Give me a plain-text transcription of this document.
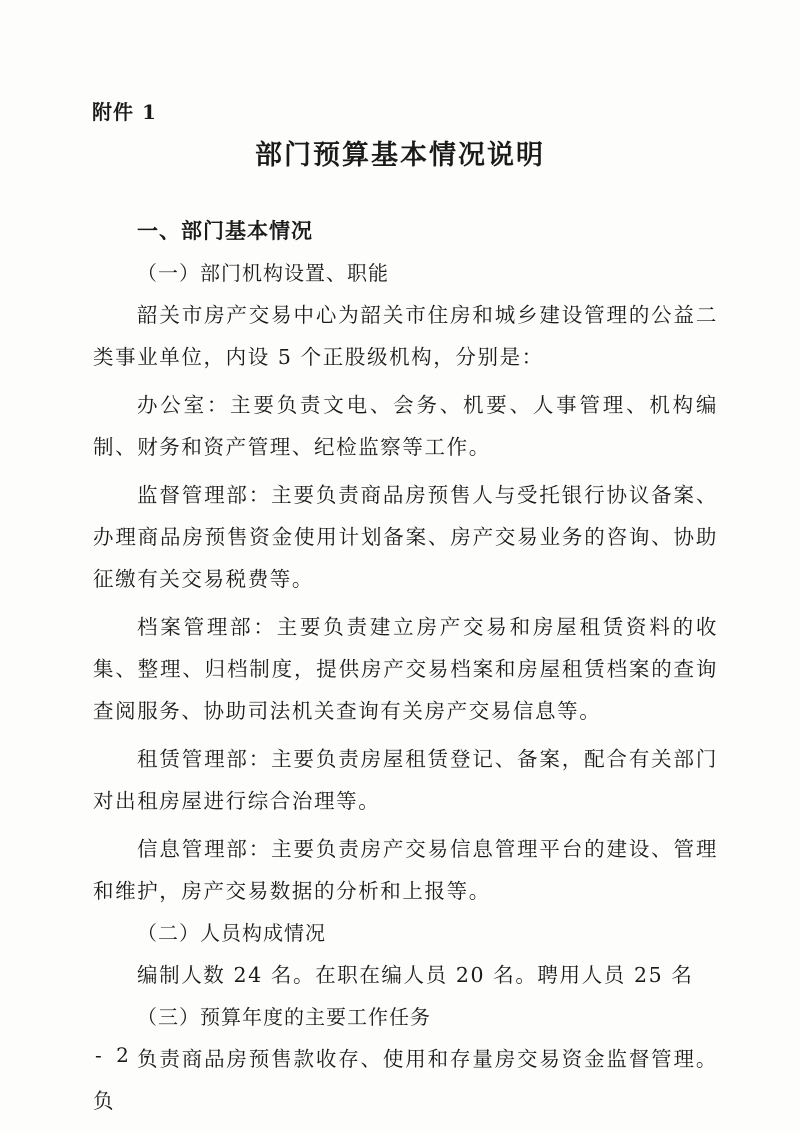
附件 1
部门预算基本情况说明
一、部门基本情况
（一）部门机构设置、职能

韶关市房产交易中心为韶关市住房和城乡建设管理的公益二类事业单位，内设 5 个正股级机构，分别是：

办公室：主要负责文电、会务、机要、人事管理、机构编制、财务和资产管理、纪检监察等工作。

监督管理部：主要负责商品房预售人与受托银行协议备案、办理商品房预售资金使用计划备案、房产交易业务的咨询、协助征缴有关交易税费等。

档案管理部：主要负责建立房产交易和房屋租赁资料的收集、整理、归档制度，提供房产交易档案和房屋租赁档案的查询查阅服务、协助司法机关查询有关房产交易信息等。

租赁管理部：主要负责房屋租赁登记、备案，配合有关部门对出租房屋进行综合治理等。

信息管理部：主要负责房产交易信息管理平台的建设、管理和维护，房产交易数据的分析和上报等。

（二）人员构成情况

编制人数 24 名。在职在编人员 20 名。聘用人员 25 名

（三）预算年度的主要工作任务

负责商品房预售款收存、使用和存量房交易资金监督管理。负

- 2 -
